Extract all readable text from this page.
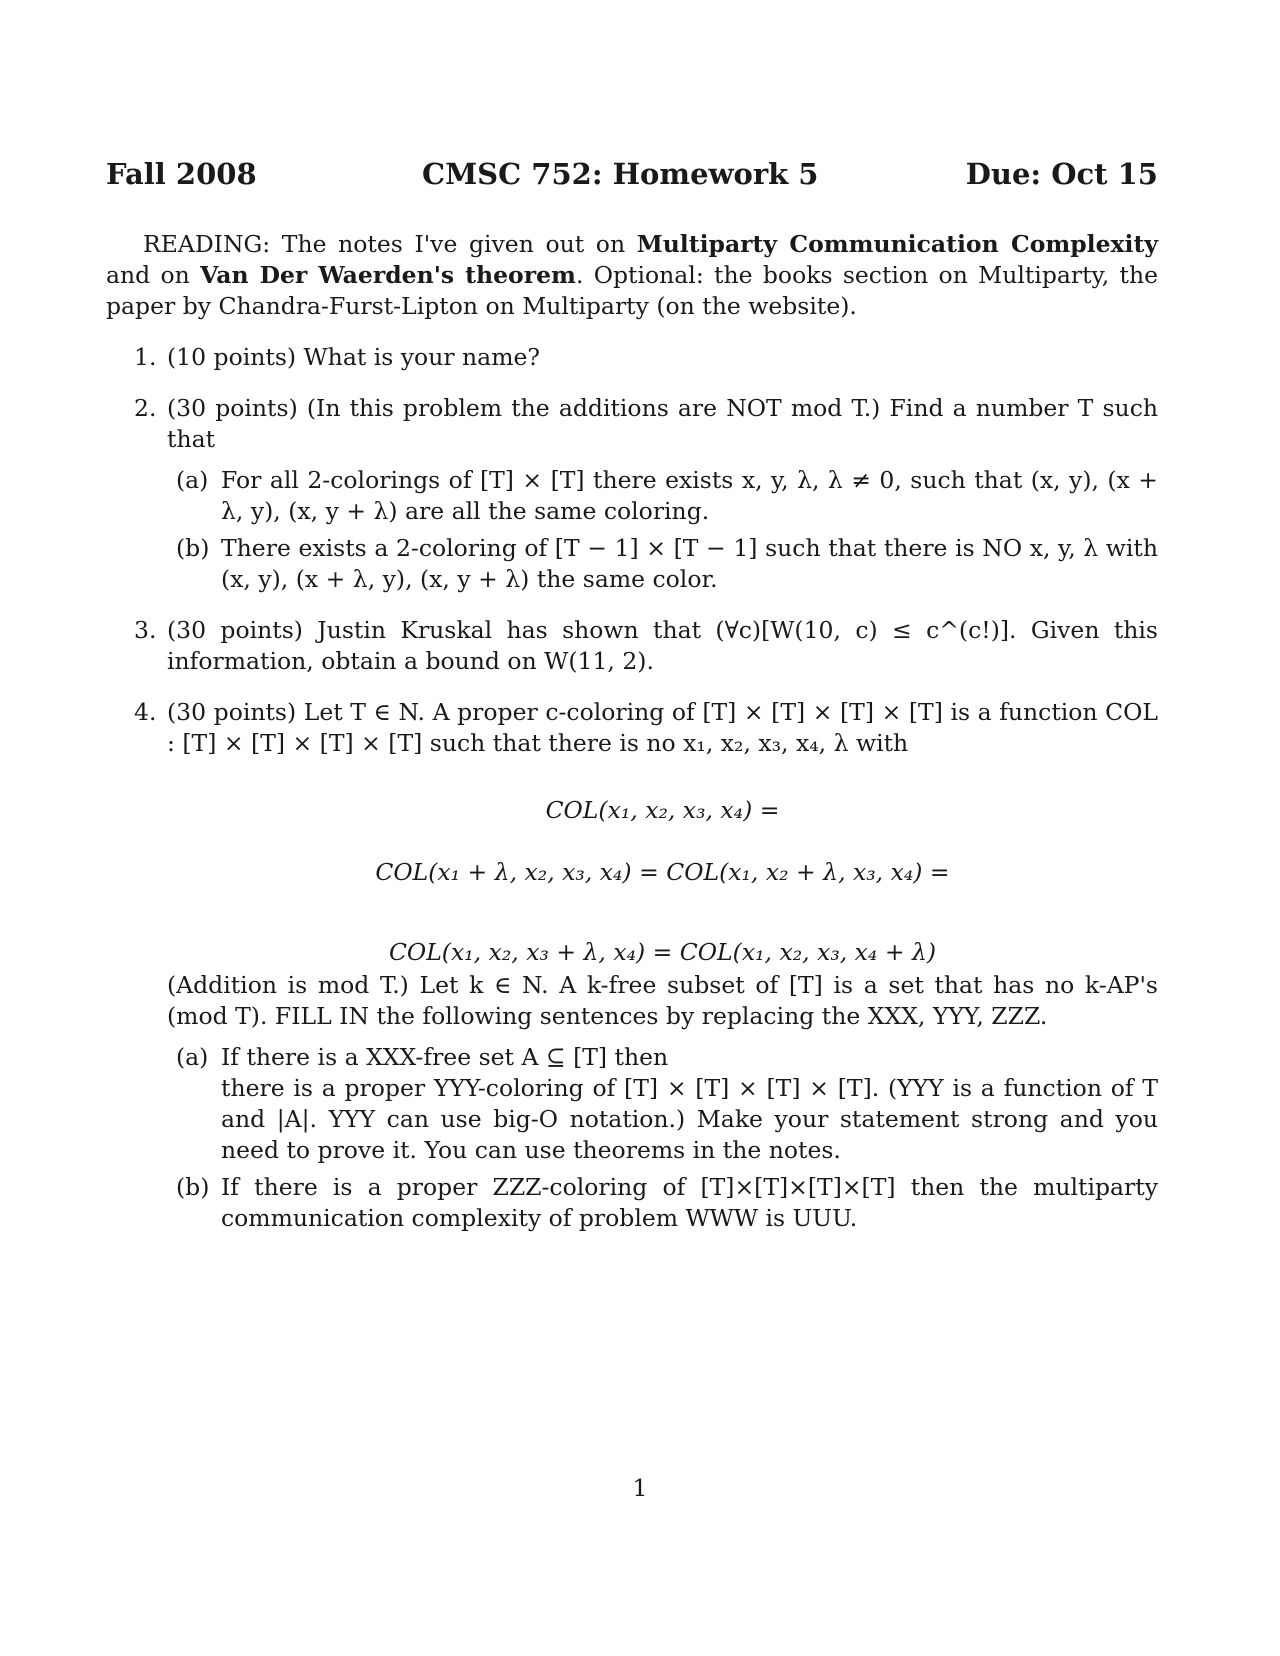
Fall 2008	CMSC 752: Homework 5	Due: Oct 15

READING: The notes I've given out on Multiparty Communication Complexity and on Van Der Waerden's theorem. Optional: the books section on Multiparty, the paper by Chandra-Furst-Lipton on Multiparty (on the website).

1. (10 points) What is your name?
2. (30 points) (In this problem the additions are NOT mod T.) Find a number T such that
(a) For all 2-colorings of [T] × [T] there exists x, y, λ, λ ≠ 0, such that (x, y), (x + λ, y), (x, y + λ) are all the same coloring.
(b) There exists a 2-coloring of [T − 1] × [T − 1] such that there is NO x, y, λ with (x, y), (x + λ, y), (x, y + λ) the same color.
3. (30 points) Justin Kruskal has shown that (∀c)[W(10, c) ≤ c^(c!)]. Given this information, obtain a bound on W(11, 2).
4. (30 points) Let T ∈ N. A proper c-coloring of [T] × [T] × [T] × [T] is a function COL : [T] × [T] × [T] × [T] such that there is no x₁, x₂, x₃, x₄, λ with

COL(x₁, x₂, x₃, x₄) =

COL(x₁ + λ, x₂, x₃, x₄) = COL(x₁, x₂ + λ, x₃, x₄) =

COL(x₁, x₂, x₃ + λ, x₄) = COL(x₁, x₂, x₃, x₄ + λ)

(Addition is mod T.) Let k ∈ N. A k-free subset of [T] is a set that has no k-AP's (mod T). FILL IN the following sentences by replacing the XXX, YYY, ZZZ.

(a) If there is a XXX-free set A ⊆ [T] then
there is a proper YYY-coloring of [T] × [T] × [T] × [T]. (YYY is a function of T and |A|. YYY can use big-O notation.) Make your statement strong and you need to prove it. You can use theorems in the notes.
(b) If there is a proper ZZZ-coloring of [T]×[T]×[T]×[T] then the multiparty communication complexity of problem WWW is UUU.
1
